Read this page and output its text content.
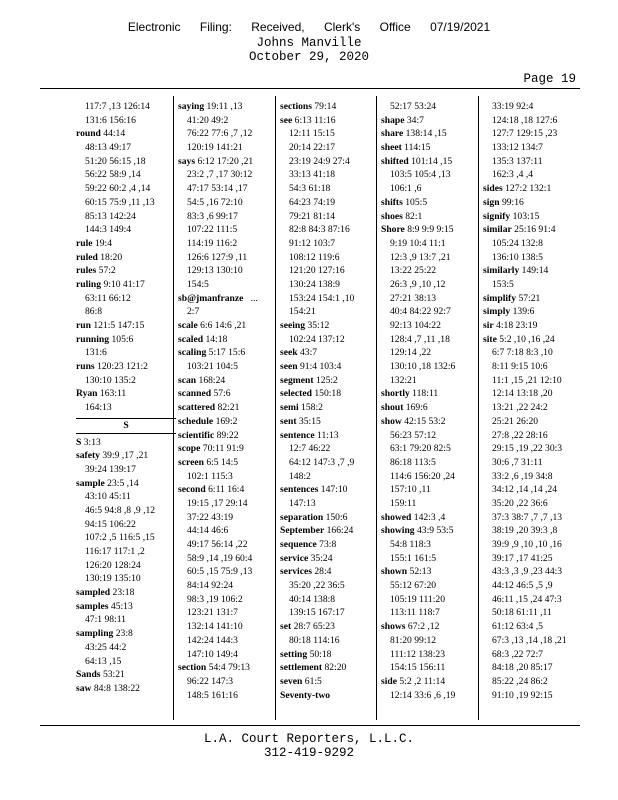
Electronic Filing: Received, Clerk's Office 07/19/2021
Johns Manville
October 29, 2020
Page 19
117:7 ,13 126:14
131:6 156:16
round 44:14
48:13 49:17
51:20 56:15 ,18
56:22 58:9 ,14
59:22 60:2 ,4 ,14
60:15 75:9 ,11 ,13
85:13 142:24
144:3 149:4
rule 19:4
ruled 18:20
rules 57:2
ruling 9:10 41:17
63:11 66:12
86:8
run 121:5 147:15
running 105:6
131:6
runs 120:23 121:2
130:10 135:2
Ryan 163:11
164:13
S
S 3:13
safety 39:9 ,17 ,21
39:24 139:17
sample 23:5 ,14
43:10 45:11
46:5 94:8 ,8 ,9 ,12
94:15 106:22
107:2 ,5 116:5 ,15
116:17 117:1 ,2
126:20 128:24
130:19 135:10
sampled 23:18
samples 45:13
47:1 98:11
sampling 23:8
43:25 44:2
64:13 ,15
Sands 53:21
saw 84:8 138:22
saying 19:11 ,13
41:20 49:2
76:22 77:6 ,7 ,12
120:19 141:21
says 6:12 17:20 ,21
23:2 ,7 ,17 30:12
47:17 53:14 ,17
54:5 ,16 72:10
83:3 ,6 99:17
107:22 111:5
114:19 116:2
126:6 127:9 ,11
129:13 130:10
154:5
sb@jmanfranze   ...
2:7
scale 6:6 14:6 ,21
scaled 14:18
scaling 5:17 15:6
103:21 104:5
scan 168:24
scanned 57:6
scattered 82:21
schedule 169:2
scientific 89:22
scope 70:11 91:9
screen 6:5 14:5
102:1 115:3
second 6:11 16:4
19:15 ,17 29:14
37:22 43:19
44:14 46:6
49:17 56:14 ,22
58:9 ,14 ,19 60:4
60:5 ,15 75:9 ,13
84:14 92:24
98:3 ,19 106:2
123:21 131:7
132:14 141:10
142:24 144:3
147:10 149:4
section 54:4 79:13
96:22 147:3
148:5 161:16
sections 79:14
see 6:13 11:16
12:11 15:15
20:14 22:17
23:19 24:9 27:4
33:13 41:18
54:3 61:18
64:23 74:19
79:21 81:14
82:8 84:3 87:16
91:12 103:7
108:12 119:6
121:20 127:16
130:24 138:9
153:24 154:1 ,10
154:21
seeing 35:12
102:24 137:12
seek 43:7
seen 91:4 103:4
segment 125:2
selected 150:18
semi 158:2
sent 35:15
sentence 11:13
12:7 46:22
64:12 147:3 ,7 ,9
148:2
sentences 147:10
147:13
separation 150:6
September 166:24
sequence 73:8
service 35:24
services 28:4
35:20 ,22 36:5
40:14 138:8
139:15 167:17
set 28:7 65:23
80:18 114:16
setting 50:18
settlement 82:20
seven 61:5
Seventy-two
52:17 53:24
shape 34:7
share 138:14 ,15
sheet 114:15
shifted 101:14 ,15
103:5 105:4 ,13
106:1 ,6
shifts 105:5
shoes 82:1
Shore 8:9 9:9 9:15
9:19 10:4 11:1
12:3 ,9 13:7 ,21
13:22 25:22
26:3 ,9 ,10 ,12
27:21 38:13
40:4 84:22 92:7
92:13 104:22
128:4 ,7 ,11 ,18
129:14 ,22
130:10 ,18 132:6
132:21
shortly 118:11
shout 169:6
show 42:15 53:2
56:23 57:12
63:1 79:20 82:5
86:18 113:5
114:6 156:20 ,24
157:10 ,11
159:11
showed 142:3 ,4
showing 43:9 53:5
54:8 118:3
155:1 161:5
shown 52:13
55:12 67:20
105:19 111:20
113:11 118:7
shows 67:2 ,12
81:20 99:12
111:12 138:23
154:15 156:11
side 5:2 ,2 11:14
12:14 33:6 ,6 ,19
33:19 92:4
124:18 ,18 127:6
127:7 129:15 ,23
133:12 134:7
135:3 137:11
162:3 ,4 ,4
sides 127:2 132:1
sign 99:16
signify 103:15
similar 25:16 91:4
105:24 132:8
136:10 138:5
similarly 149:14
153:5
simplify 57:21
simply 139:6
sir 4:18 23:19
site 5:2 ,10 ,16 ,24
6:7 7:18 8:3 ,10
8:11 9:15 10:6
11:1 ,15 ,21 12:10
12:14 13:18 ,20
13:21 ,22 24:2
25:21 26:20
27:8 ,22 28:16
29:15 ,19 ,22 30:3
30:6 ,7 31:11
33:2 ,6 ,19 34:8
34:12 ,14 ,14 ,24
35:20 ,22 36:6
37:3 38:7 ,7 ,7 ,13
38:19 ,20 39:3 ,8
39:9 ,9 ,10 ,10 ,16
39:17 ,17 41:25
43:3 ,3 ,9 ,23 44:3
44:12 46:5 ,5 ,9
46:11 ,15 ,24 47:3
50:18 61:11 ,11
61:12 63:4 ,5
67:3 ,13 ,14 ,18 ,21
68:3 ,22 72:7
84:18 ,20 85:17
85:22 ,24 86:2
91:10 ,19 92:15
L.A. Court Reporters, L.L.C.
312-419-9292
